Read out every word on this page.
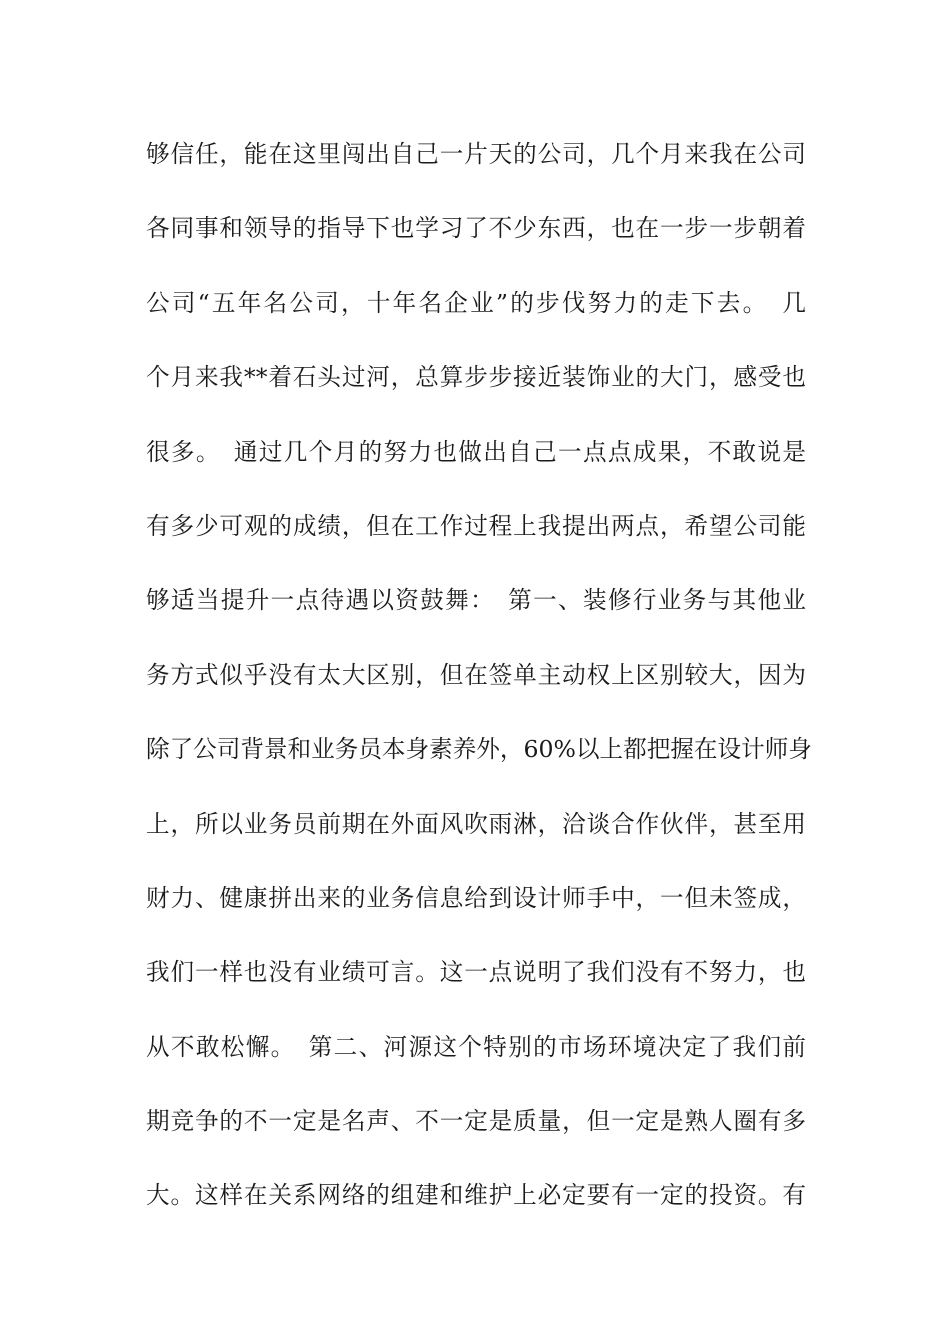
够信任，能在这里闯出自己一片天的公司，几个月来我在公司
各同事和领导的指导下也学习了不少东西，也在一步一步朝着
公司“五年名公司，十年名企业”的步伐努力的走下去。　几
个月来我**着石头过河，总算步步接近装饰业的大门，感受也
很多。　通过几个月的努力也做出自己一点点成果，不敢说是
有多少可观的成绩，但在工作过程上我提出两点，希望公司能
够适当提升一点待遇以资鼓舞：　第一、装修行业务与其他业
务方式似乎没有太大区别，但在签单主动权上区别较大，因为
除了公司背景和业务员本身素养外，60%以上都把握在设计师身
上，所以业务员前期在外面风吹雨淋，洽谈合作伙伴，甚至用
财力、健康拼出来的业务信息给到设计师手中，一但未签成，
我们一样也没有业绩可言。这一点说明了我们没有不努力，也
从不敢松懈。　第二、河源这个特别的市场环境决定了我们前
期竞争的不一定是名声、不一定是质量，但一定是熟人圈有多
大。这样在关系网络的组建和维护上必定要有一定的投资。有
